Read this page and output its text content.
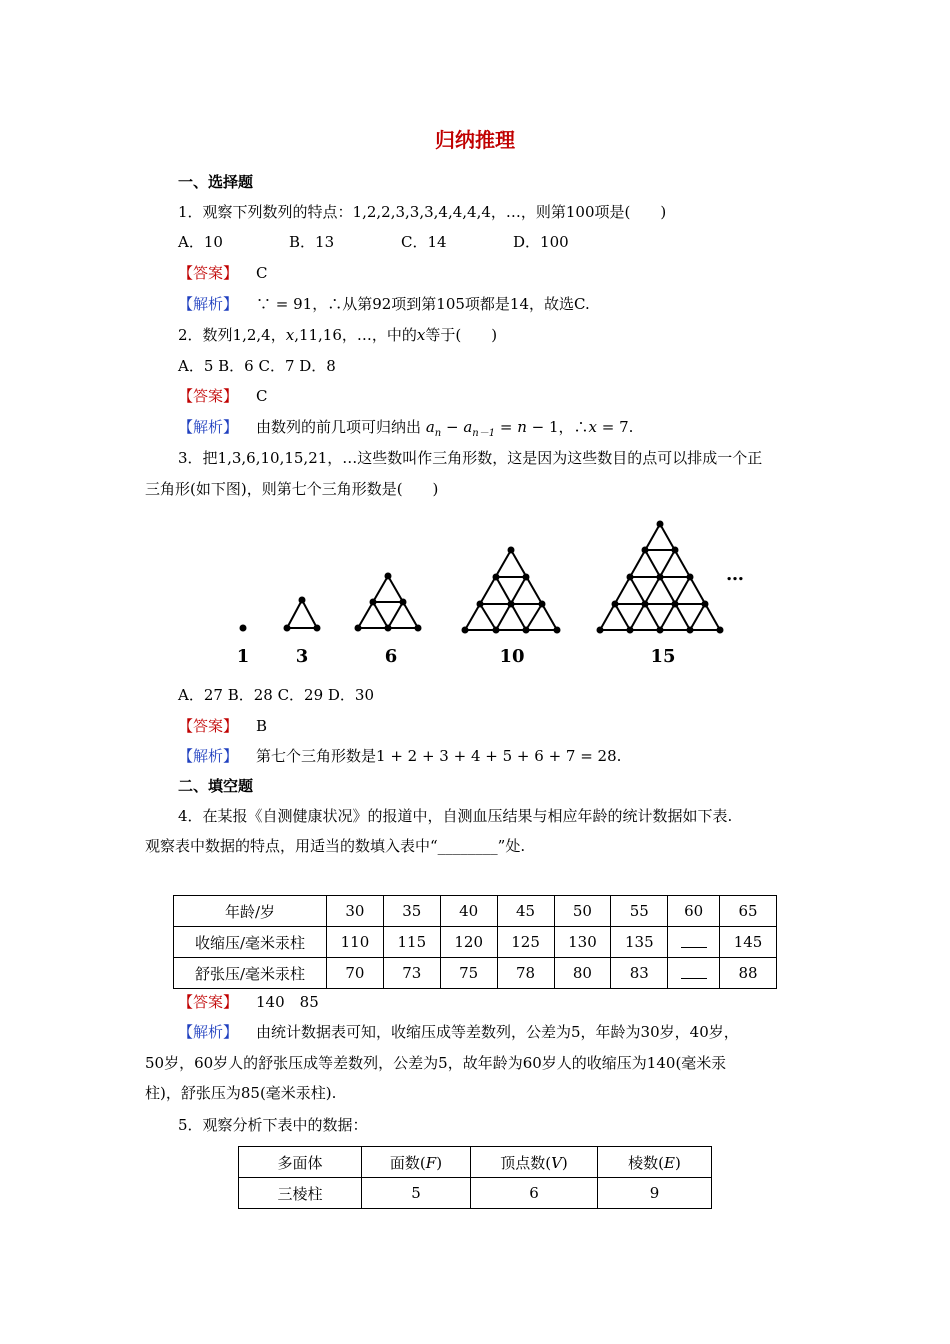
归纳推理
一、选择题
1．观察下列数列的特点：1,2,2,3,3,3,4,4,4,4，…，则第100项是(　　)
A．10	B．13	C．14	D．100
【答案】 C
【解析】 ∵ = 91，∴从第92项到第105项都是14，故选C.
2．数列1,2,4，x,11,16，…，中的x等于(　　)
A．5 B．6 C．7 D．8
【答案】 C
【解析】 由数列的前几项可归纳出 $a_n - a_{n-1} = n - 1$，∴x = 7.
3．把1,3,6,10,15,21，…这些数叫作三角形数，这是因为这些数目的点可以排成一个正
三角形(如下图)，则第七个三角形数是(　　)
1	3	6	10	15
…
A．27 B．28 C．29 D．30
【答案】 B
【解析】 第七个三角形数是1 + 2 + 3 + 4 + 5 + 6 + 7 = 28.
二、填空题
4．在某报《自测健康状况》的报道中，自测血压结果与相应年龄的统计数据如下表.
观察表中数据的特点，用适当的数填入表中“________”处.
年龄/岁	30	35	40	45	50	55	60	65
收缩压/毫米汞柱	110	115	120	125	130	135		145
舒张压/毫米汞柱	70	73	75	78	80	83		88
【答案】 140　85
【解析】 由统计数据表可知，收缩压成等差数列，公差为5，年龄为30岁，40岁，
50岁，60岁人的舒张压成等差数列，公差为5，故年龄为60岁人的收缩压为140(毫米汞
柱)，舒张压为85(毫米汞柱).
5．观察分析下表中的数据：
多面体	面数(F)	顶点数(V)	棱数(E)
三棱柱	5	6	9
